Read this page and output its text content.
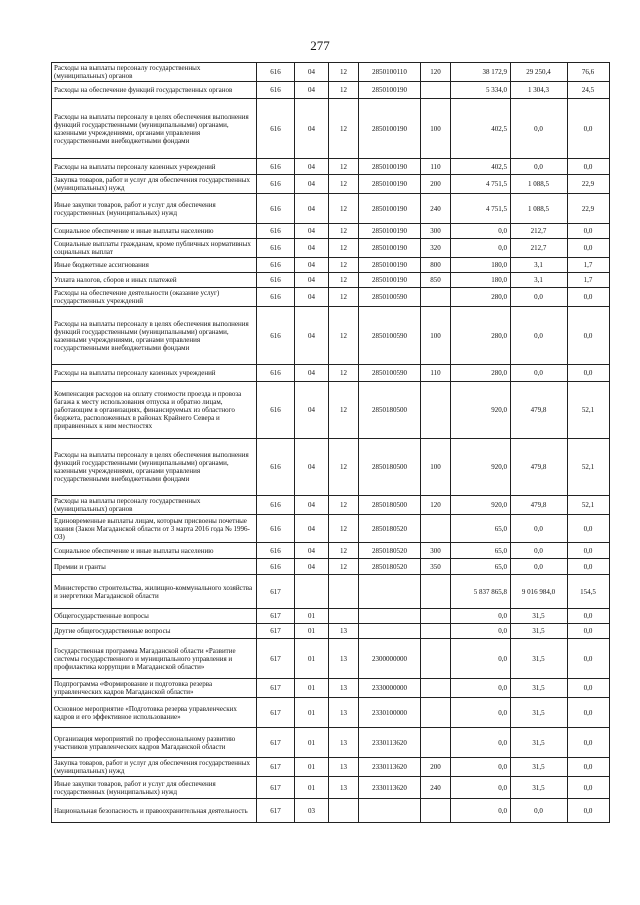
277
Расходы на выплаты персоналу государственных (муниципальных) органов	616	04	12	2850100110	120	38 172,9	29 250,4	76,6
Расходы на обеспечение функций государственных органов	616	04	12	2850100190		5 334,0	1 304,3	24,5
Расходы на выплаты персоналу в целях обеспечения выполнения функций государственными (муниципальными) органами, казенными учреждениями, органами управления государственными внебюджетными фондами	616	04	12	2850100190	100	402,5	0,0	0,0
Расходы на выплаты персоналу казенных учреждений	616	04	12	2850100190	110	402,5	0,0	0,0
Закупка товаров, работ и услуг для обеспечения государственных (муниципальных) нужд	616	04	12	2850100190	200	4 751,5	1 088,5	22,9
Иные закупки товаров, работ и услуг для обеспечения государственных (муниципальных) нужд	616	04	12	2850100190	240	4 751,5	1 088,5	22,9
Социальное обеспечение и иные выплаты населению	616	04	12	2850100190	300	0,0	212,7	0,0
Социальные выплаты гражданам, кроме публичных нормативных социальных выплат	616	04	12	2850100190	320	0,0	212,7	0,0
Иные бюджетные ассигнования	616	04	12	2850100190	800	180,0	3,1	1,7
Уплата налогов, сборов и иных платежей	616	04	12	2850100190	850	180,0	3,1	1,7
Расходы на обеспечение деятельности (оказание услуг) государственных учреждений	616	04	12	2850100590		280,0	0,0	0,0
Расходы на выплаты персоналу в целях обеспечения выполнения функций государственными (муниципальными) органами, казенными учреждениями, органами управления государственными внебюджетными фондами	616	04	12	2850100590	100	280,0	0,0	0,0
Расходы на выплаты персоналу казенных учреждений	616	04	12	2850100590	110	280,0	0,0	0,0
Компенсация расходов на оплату стоимости проезда и провоза багажа к месту использования отпуска и обратно лицам, работающим в организациях, финансируемых из областного бюджета, расположенных в районах Крайнего Севера и приравненных к ним местностях	616	04	12	2850180500		920,0	479,8	52,1
Расходы на выплаты персоналу в целях обеспечения выполнения функций государственными (муниципальными) органами, казенными учреждениями, органами управления государственными внебюджетными фондами	616	04	12	2850180500	100	920,0	479,8	52,1
Расходы на выплаты персоналу государственных (муниципальных) органов	616	04	12	2850180500	120	920,0	479,8	52,1
Единовременные выплаты лицам, которым присвоены почетные звания (Закон Магаданской области от 3 марта 2016 года № 1996-ОЗ)	616	04	12	2850180520		65,0	0,0	0,0
Социальное обеспечение и иные выплаты населению	616	04	12	2850180520	300	65,0	0,0	0,0
Премии и гранты	616	04	12	2850180520	350	65,0	0,0	0,0
Министерство строительства, жилищно-коммунального хозяйства и энергетики Магаданской области	617					5 837 865,8	9 016 984,0	154,5
Общегосударственные вопросы	617	01				0,0	31,5	0,0
Другие общегосударственные вопросы	617	01	13			0,0	31,5	0,0
Государственная программа Магаданской области «Развитие системы государственного и муниципального управления и профилактика коррупции в Магаданской области»	617	01	13	2300000000		0,0	31,5	0,0
Подпрограмма «Формирование и подготовка резерва управленческих кадров Магаданской области»	617	01	13	2330000000		0,0	31,5	0,0
Основное мероприятие «Подготовка резерва управленческих кадров и его эффективное использование»	617	01	13	2330100000		0,0	31,5	0,0
Организация мероприятий по профессиональному развитию участников управленческих кадров Магаданской области	617	01	13	2330113620		0,0	31,5	0,0
Закупка товаров, работ и услуг для обеспечения государственных (муниципальных) нужд	617	01	13	2330113620	200	0,0	31,5	0,0
Иные закупки товаров, работ и услуг для обеспечения государственных (муниципальных) нужд	617	01	13	2330113620	240	0,0	31,5	0,0
Национальная безопасность и правоохранительная деятельность	617	03				0,0	0,0	0,0
